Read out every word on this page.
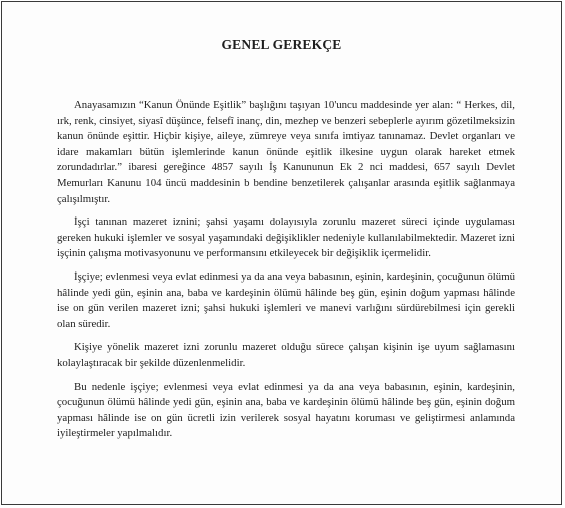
GENEL GEREKÇE

Anayasamızın “Kanun Önünde Eşitlik” başlığını taşıyan 10'uncu maddesinde yer alan: “ Herkes, dil, ırk, renk, cinsiyet, siyasî düşünce, felsefî inanç, din, mezhep ve benzeri sebeplerle ayırım gözetilmeksizin kanun önünde eşittir. Hiçbir kişiye, aileye, zümreye veya sınıfa imtiyaz tanınamaz. Devlet organları ve idare makamları bütün işlemlerinde kanun önünde eşitlik ilkesine uygun olarak hareket etmek zorundadırlar.” ibaresi gereğince 4857 sayılı İş Kanununun Ek 2 nci maddesi, 657 sayılı Devlet Memurları Kanunu 104 üncü maddesinin b bendine benzetilerek çalışanlar arasında eşitlik sağlanmaya çalışılmıştır.

İşçi tanınan mazeret iznini; şahsi yaşamı dolayısıyla zorunlu mazeret süreci içinde uygulaması gereken hukuki işlemler ve sosyal yaşamındaki değişiklikler nedeniyle kullanılabilmektedir. Mazeret izni işçinin çalışma motivasyonunu ve performansını etkileyecek bir değişiklik içermelidir.

İşçiye; evlenmesi veya evlat edinmesi ya da ana veya babasının, eşinin, kardeşinin, çocuğunun ölümü hâlinde yedi gün, eşinin ana, baba ve kardeşinin ölümü hâlinde beş gün, eşinin doğum yapması hâlinde ise on gün verilen mazeret izni; şahsi hukuki işlemleri ve manevi varlığını sürdürebilmesi için gerekli olan süredir.

Kişiye yönelik mazeret izni zorunlu mazeret olduğu sürece çalışan kişinin işe uyum sağlamasını kolaylaştıracak bir şekilde düzenlenmelidir.

Bu nedenle işçiye; evlenmesi veya evlat edinmesi ya da ana veya babasının, eşinin, kardeşinin, çocuğunun ölümü hâlinde yedi gün, eşinin ana, baba ve kardeşinin ölümü hâlinde beş gün, eşinin doğum yapması hâlinde ise on gün ücretli izin verilerek sosyal hayatını koruması ve geliştirmesi anlamında iyileştirmeler yapılmalıdır.
